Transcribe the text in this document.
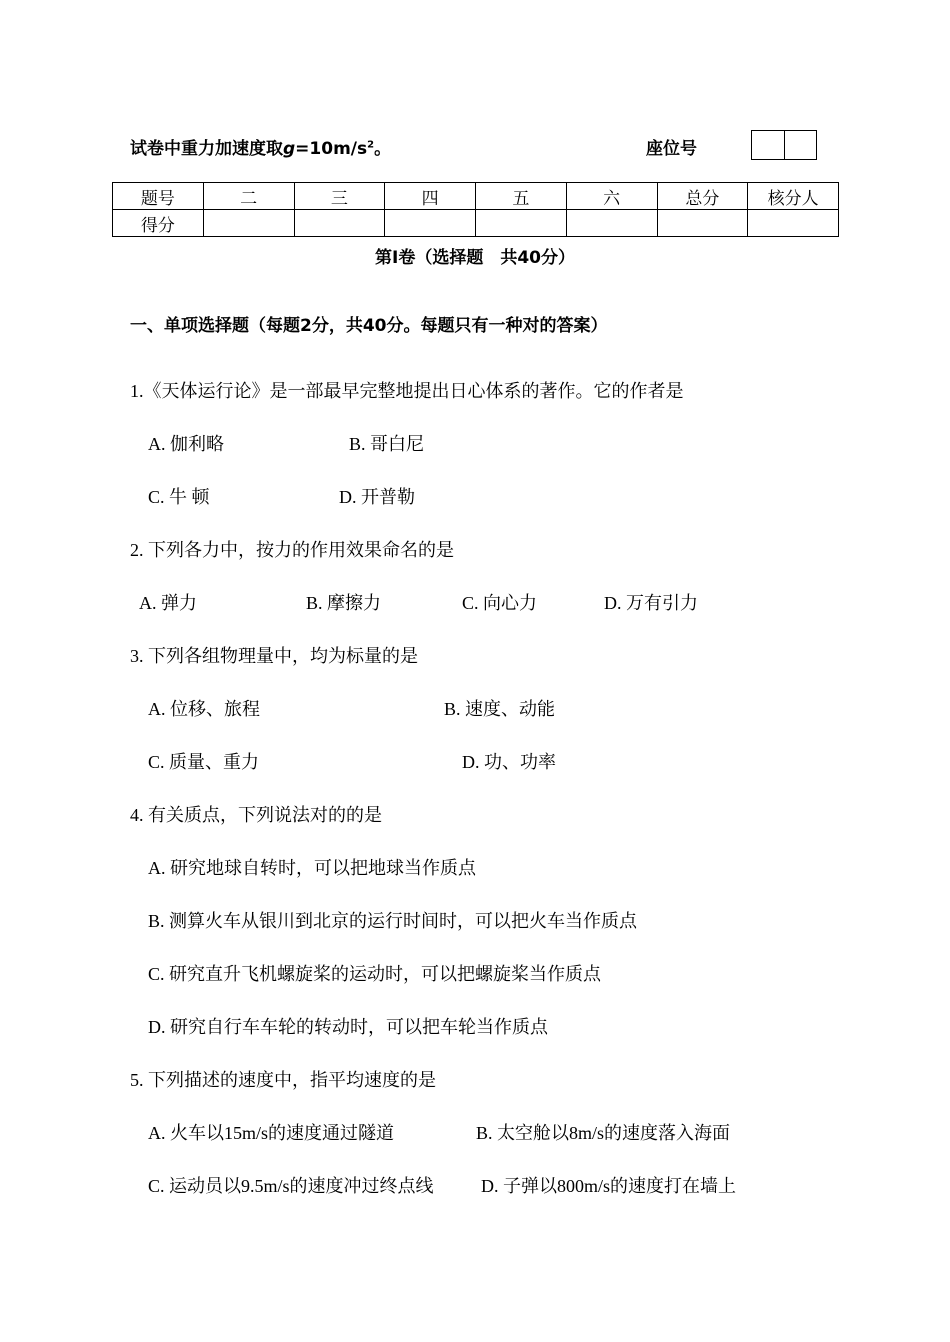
试卷中重力加速度取$g=10m/s^2$。	座位号
题号	二	三	四	五	六	总分	核分人
得分							
第Ⅰ卷（选择题　共40分）
一、单项选择题（每题2分，共40分。每题只有一种对的答案）
1.《天体运行论》是一部最早完整地提出日心体系的著作。它的作者是
A. 伽利略	B. 哥白尼
C. 牛 顿	D. 开普勒
2. 下列各力中，按力的作用效果命名的是
A. 弹力	B. 摩擦力	C. 向心力	D. 万有引力
3. 下列各组物理量中，均为标量的是
A. 位移、旅程	B. 速度、动能
C. 质量、重力	D. 功、功率
4. 有关质点，下列说法对的的是
A. 研究地球自转时，可以把地球当作质点
B. 测算火车从银川到北京的运行时间时，可以把火车当作质点
C. 研究直升飞机螺旋桨的运动时，可以把螺旋桨当作质点
D. 研究自行车车轮的转动时，可以把车轮当作质点
5. 下列描述的速度中，指平均速度的是
A. 火车以15m/s的速度通过隧道	B. 太空舱以8m/s的速度落入海面
C. 运动员以9.5m/s的速度冲过终点线	D. 子弹以800m/s的速度打在墙上
